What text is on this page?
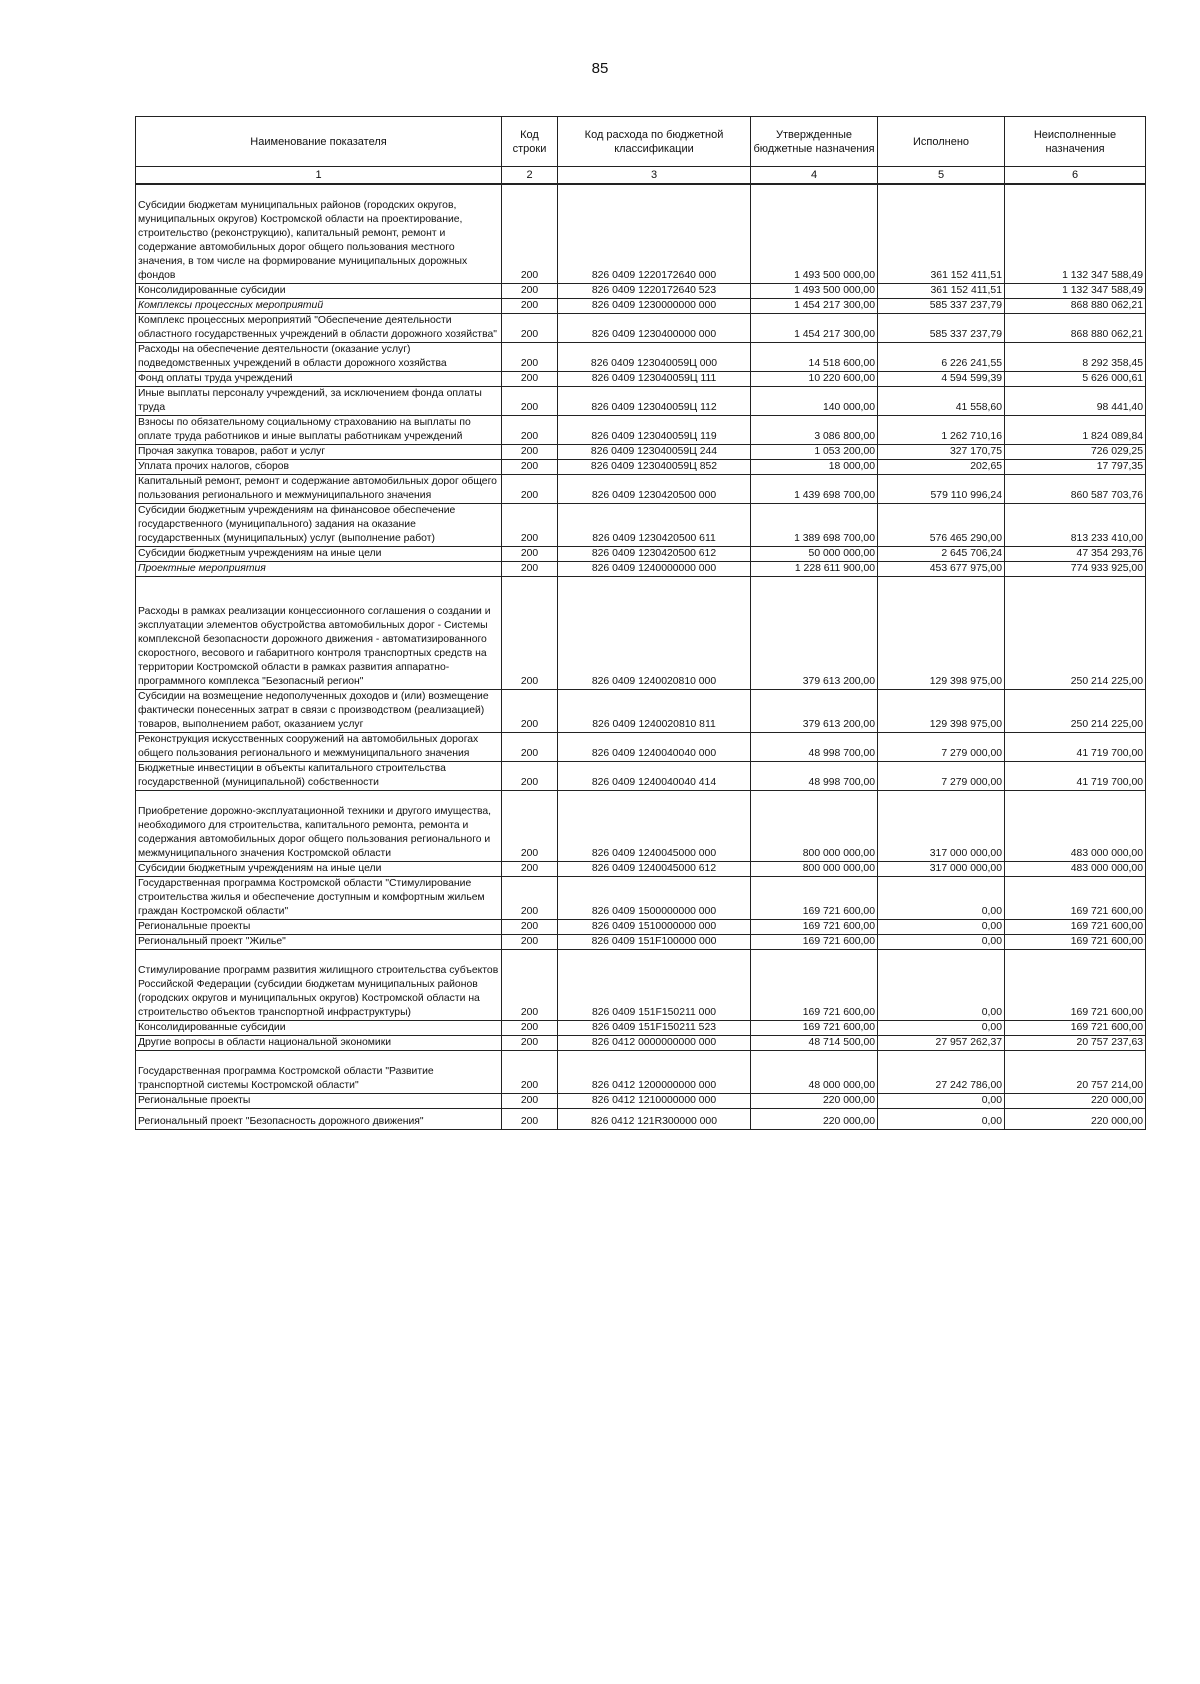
85
Наименование показателя	Код строки	Код расхода по бюджетной классификации	Утвержденные бюджетные назначения	Исполнено	Неисполненные назначения
1	2	3	4	5	6
Субсидии бюджетам муниципальных районов (городских округов, муниципальных округов) Костромской области на проектирование, строительство (реконструкцию), капитальный ремонт, ремонт и содержание автомобильных дорог общего пользования местного значения, в том числе на формирование муниципальных дорожных фондов	200	826 0409 1220172640 000	1 493 500 000,00	361 152 411,51	1 132 347 588,49
Консолидированные субсидии	200	826 0409 1220172640 523	1 493 500 000,00	361 152 411,51	1 132 347 588,49
Комплексы процессных мероприятий	200	826 0409 1230000000 000	1 454 217 300,00	585 337 237,79	868 880 062,21
Комплекс процессных мероприятий "Обеспечение деятельности областного государственных учреждений в области дорожного хозяйства"	200	826 0409 1230400000 000	1 454 217 300,00	585 337 237,79	868 880 062,21
Расходы на обеспечение деятельности (оказание услуг) подведомственных учреждений в области дорожного хозяйства	200	826 0409 123040059Ц 000	14 518 600,00	6 226 241,55	8 292 358,45
Фонд оплаты труда учреждений	200	826 0409 123040059Ц 111	10 220 600,00	4 594 599,39	5 626 000,61
Иные выплаты персоналу учреждений, за исключением фонда оплаты труда	200	826 0409 123040059Ц 112	140 000,00	41 558,60	98 441,40
Взносы по обязательному социальному страхованию на выплаты по оплате труда работников и иные выплаты работникам учреждений	200	826 0409 123040059Ц 119	3 086 800,00	1 262 710,16	1 824 089,84
Прочая закупка товаров, работ и услуг	200	826 0409 123040059Ц 244	1 053 200,00	327 170,75	726 029,25
Уплата прочих налогов, сборов	200	826 0409 123040059Ц 852	18 000,00	202,65	17 797,35
Капитальный ремонт, ремонт и содержание автомобильных дорог общего пользования регионального и межмуниципального значения	200	826 0409 1230420500 000	1 439 698 700,00	579 110 996,24	860 587 703,76
Субсидии бюджетным учреждениям на финансовое обеспечение государственного (муниципального) задания на оказание государственных (муниципальных) услуг (выполнение работ)	200	826 0409 1230420500 611	1 389 698 700,00	576 465 290,00	813 233 410,00
Субсидии бюджетным учреждениям на иные цели	200	826 0409 1230420500 612	50 000 000,00	2 645 706,24	47 354 293,76
Проектные мероприятия	200	826 0409 1240000000 000	1 228 611 900,00	453 677 975,00	774 933 925,00
Расходы в рамках реализации концессионного соглашения о создании и эксплуатации элементов обустройства автомобильных дорог - Системы комплексной безопасности дорожного движения - автоматизированного скоростного, весового и габаритного контроля транспортных средств на территории Костромской области в рамках развития аппаратно-программного комплекса "Безопасный регион"	200	826 0409 1240020810 000	379 613 200,00	129 398 975,00	250 214 225,00
Субсидии на возмещение недополученных доходов и (или) возмещение фактически понесенных затрат в связи с производством (реализацией) товаров, выполнением работ, оказанием услуг	200	826 0409 1240020810 811	379 613 200,00	129 398 975,00	250 214 225,00
Реконструкция искусственных сооружений на автомобильных дорогах общего пользования регионального и межмуниципального значения	200	826 0409 1240040040 000	48 998 700,00	7 279 000,00	41 719 700,00
Бюджетные инвестиции в объекты капитального строительства государственной (муниципальной) собственности	200	826 0409 1240040040 414	48 998 700,00	7 279 000,00	41 719 700,00
Приобретение дорожно-эксплуатационной техники и другого имущества, необходимого для строительства, капитального ремонта, ремонта и содержания автомобильных дорог общего пользования регионального и межмуниципального значения Костромской области	200	826 0409 1240045000 000	800 000 000,00	317 000 000,00	483 000 000,00
Субсидии бюджетным учреждениям на иные цели	200	826 0409 1240045000 612	800 000 000,00	317 000 000,00	483 000 000,00
Государственная программа Костромской области "Стимулирование строительства жилья и обеспечение доступным и комфортным жильем граждан Костромской области"	200	826 0409 1500000000 000	169 721 600,00	0,00	169 721 600,00
Региональные проекты	200	826 0409 1510000000 000	169 721 600,00	0,00	169 721 600,00
Региональный проект "Жилье"	200	826 0409 151F100000 000	169 721 600,00	0,00	169 721 600,00
Стимулирование программ развития жилищного строительства субъектов Российской Федерации (субсидии бюджетам муниципальных районов (городских округов и муниципальных округов) Костромской области на строительство объектов транспортной инфраструктуры)	200	826 0409 151F150211 000	169 721 600,00	0,00	169 721 600,00
Консолидированные субсидии	200	826 0409 151F150211 523	169 721 600,00	0,00	169 721 600,00
Другие вопросы в области национальной экономики	200	826 0412 0000000000 000	48 714 500,00	27 957 262,37	20 757 237,63
Государственная программа Костромской области "Развитие транспортной системы Костромской области"	200	826 0412 1200000000 000	48 000 000,00	27 242 786,00	20 757 214,00
Региональные проекты	200	826 0412 1210000000 000	220 000,00	0,00	220 000,00
Региональный проект "Безопасность дорожного движения"	200	826 0412 121R300000 000	220 000,00	0,00	220 000,00
